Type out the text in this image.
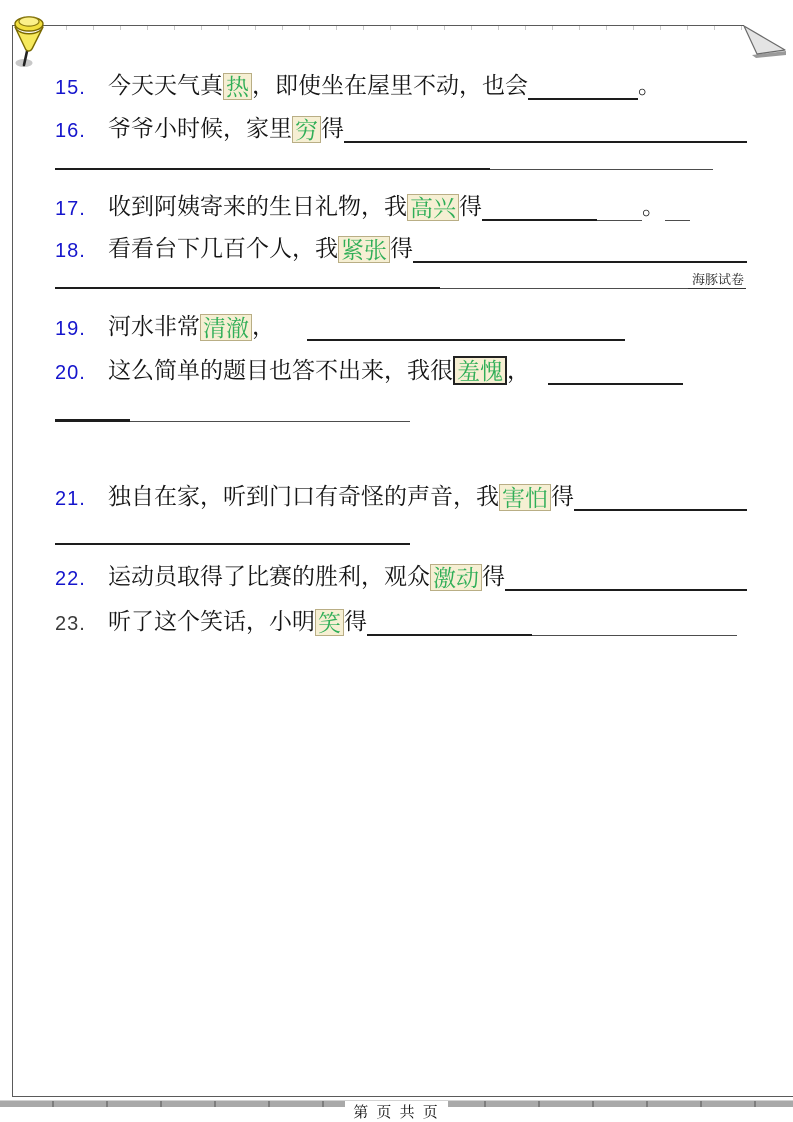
15. 今天天气真 热 ，即使坐在屋里不动，也会	。
16. 爷爷小时候，家里 穷 得
17. 收到阿姨寄来的生日礼物，我 高兴 得	。
18. 看看台下几百个人，我 紧张 得
海豚试卷
19. 河水非常 清澈 ，
20. 这么简单的题目也答不出来，我很 羞愧 ，
21. 独自在家，听到门口有奇怪的声音，我 害怕 得
22. 运动员取得了比赛的胜利，观众 激动 得
23. 听了这个笑话，小明 笑 得
第 页 共 页
